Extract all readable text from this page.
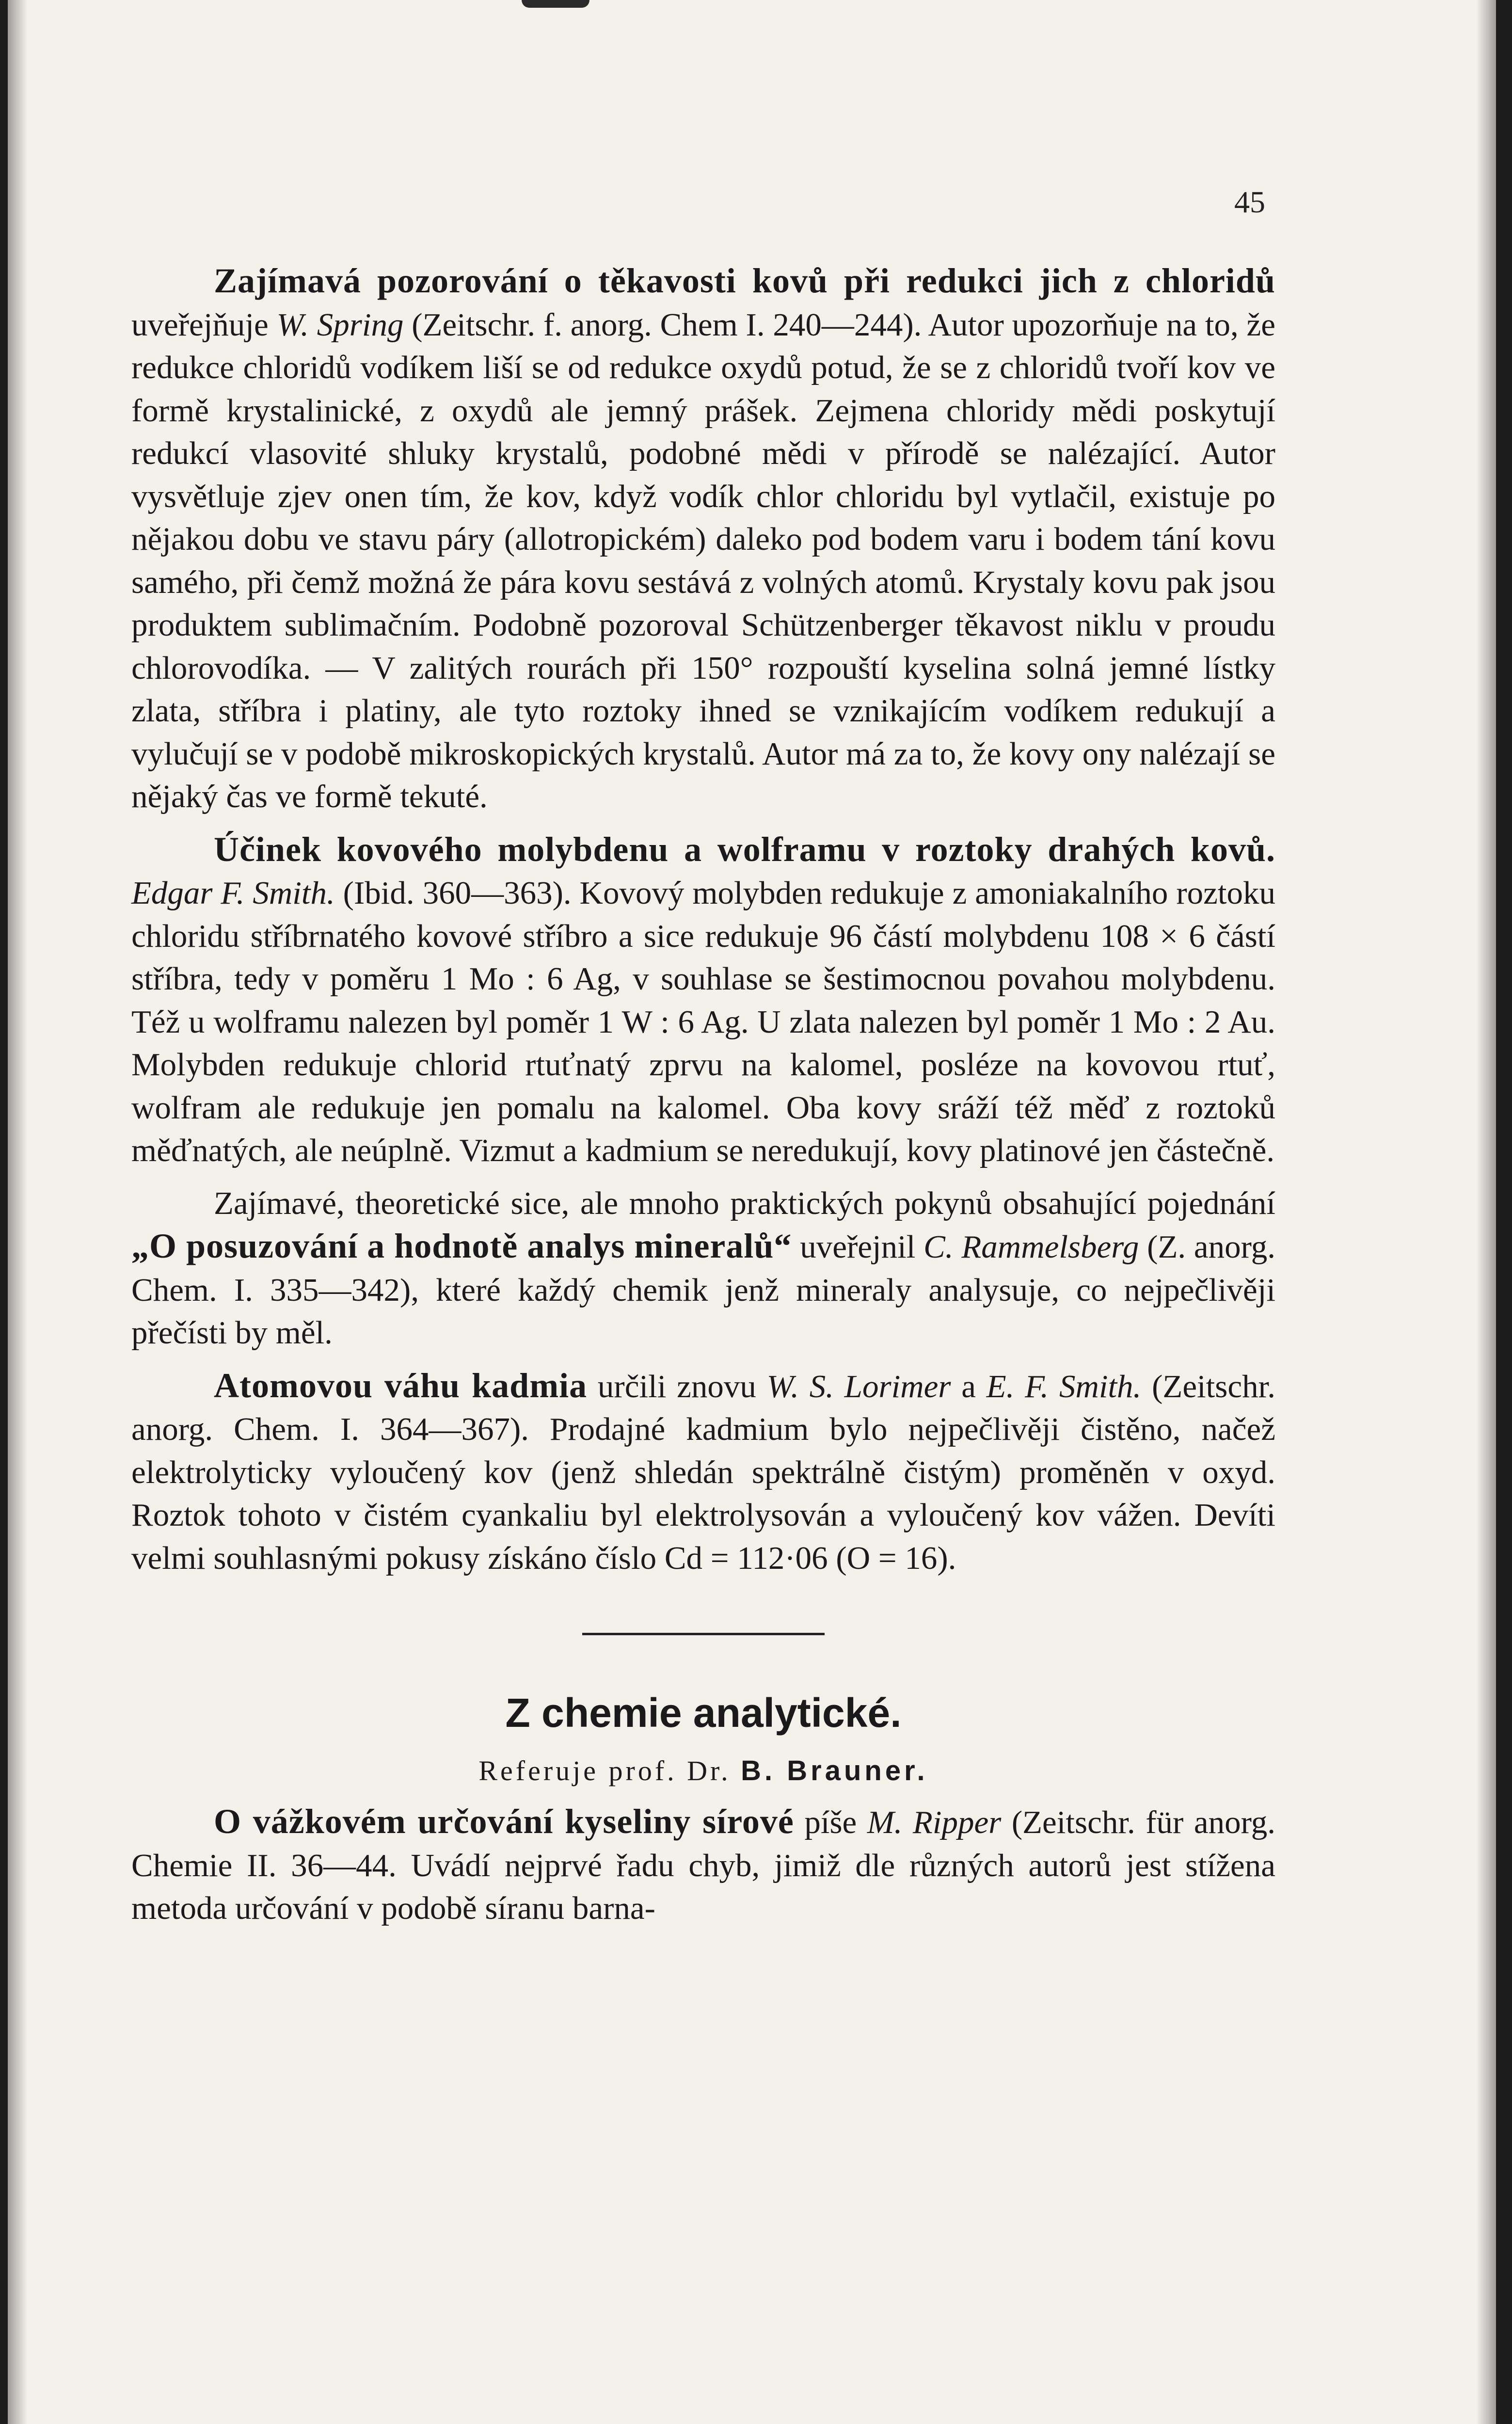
45

Zajímavá pozorování o těkavosti kovů při redukci jich z chloridů uveřejňuje W. Spring (Zeitschr. f. anorg. Chem I. 240—244). Autor upozorňuje na to, že redukce chloridů vodíkem liší se od redukce oxydů potud, že se z chloridů tvoří kov ve formě krystalinické, z oxydů ale jemný prášek. Zejmena chloridy mědi poskytují redukcí vlasovité shluky krystalů, podobné mědi v přírodě se nalézající. Autor vysvětluje zjev onen tím, že kov, když vodík chlor chloridu byl vytlačil, existuje po nějakou dobu ve stavu páry (allotropickém) daleko pod bodem varu i bodem tání kovu samého, při čemž možná že pára kovu sestává z volných atomů. Krystaly kovu pak jsou produktem sublimačním. Podobně pozoroval Schützenberger těkavost niklu v proudu chlorovodíka. — V zalitých rourách při 150° rozpouští kyselina solná jemné lístky zlata, stříbra i platiny, ale tyto roztoky ihned se vznikajícím vodíkem redukují a vylučují se v podobě mikroskopických krystalů. Autor má za to, že kovy ony nalézají se nějaký čas ve formě tekuté.

Účinek kovového molybdenu a wolframu v roztoky drahých kovů. Edgar F. Smith. (Ibid. 360—363). Kovový molybden redukuje z amoniakalního roztoku chloridu stříbrnatého kovové stříbro a sice redukuje 96 částí molybdenu 108 × 6 částí stříbra, tedy v poměru 1 Mo : 6 Ag, v souhlase se šestimocnou povahou molybdenu. Též u wolframu nalezen byl poměr 1 W : 6 Ag. U zlata nalezen byl poměr 1 Mo : 2 Au. Molybden redukuje chlorid rtuťnatý zprvu na kalomel, posléze na kovovou rtuť, wolfram ale redukuje jen pomalu na kalomel. Oba kovy sráží též měď z roztoků měďnatých, ale neúplně. Vizmut a kadmium se neredukují, kovy platinové jen částečně.

Zajímavé, theoretické sice, ale mnoho praktických pokynů obsahující pojednání „O posuzování a hodnotě analys mineralů“ uveřejnil C. Rammelsberg (Z. anorg. Chem. I. 335—342), které každý chemik jenž mineraly analysuje, co nejpečlivěji přečísti by měl.

Atomovou váhu kadmia určili znovu W. S. Lorimer a E. F. Smith. (Zeitschr. anorg. Chem. I. 364—367). Prodajné kadmium bylo nejpečlivěji čistěno, načež elektrolyticky vyloučený kov (jenž shledán spektrálně čistým) proměněn v oxyd. Roztok tohoto v čistém cyankaliu byl elektrolysován a vyloučený kov vážen. Devíti velmi souhlasnými pokusy získáno číslo Cd = 112·06 (O = 16).

Z chemie analytické.

Referuje prof. Dr. B. Brauner.

O vážkovém určování kyseliny sírové píše M. Ripper (Zeitschr. für anorg. Chemie II. 36—44. Uvádí nejprvé řadu chyb, jimiž dle různých autorů jest stížena metoda určování v podobě síranu barna-
